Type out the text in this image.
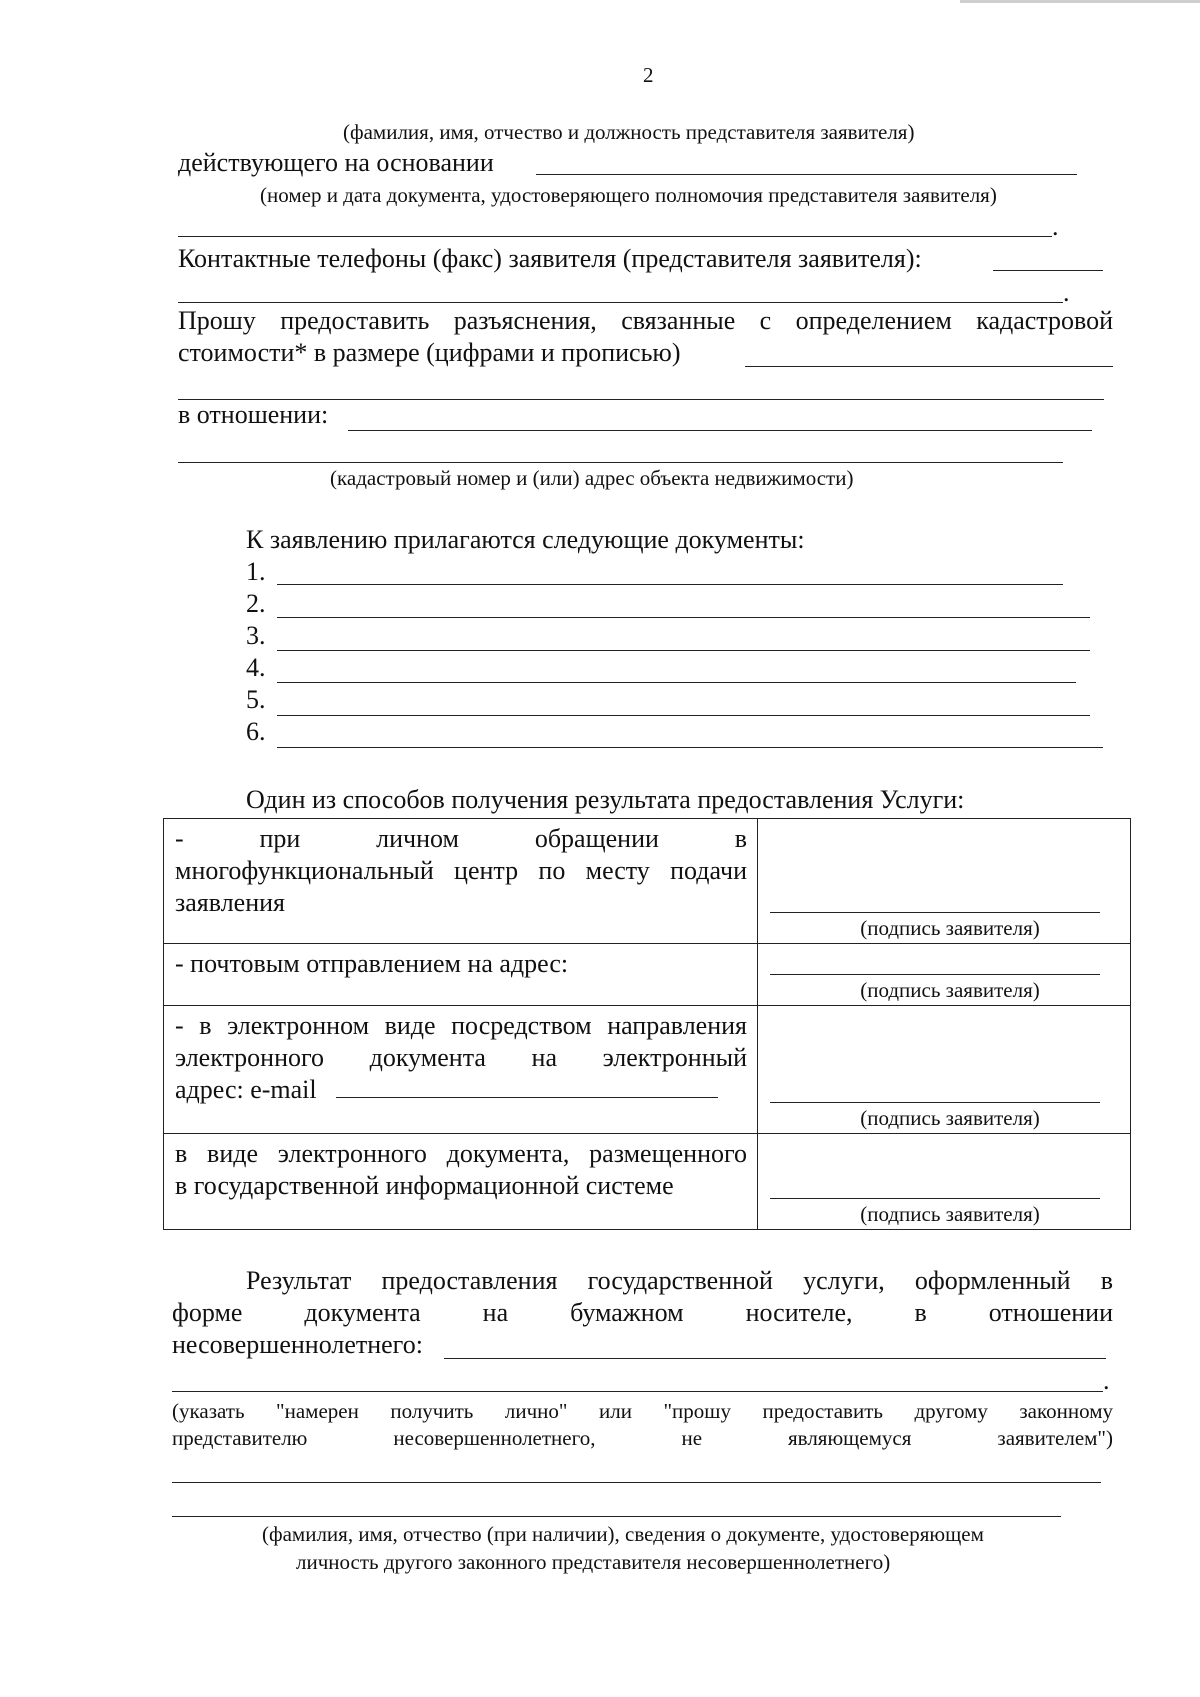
2
(фамилия, имя, отчество и должность представителя заявителя)
действующего на основании
(номер и дата документа, удостоверяющего полномочия представителя заявителя)
.
Контактные телефоны (факс) заявителя (представителя заявителя):
.
Прошу предоставить разъяснения, связанные с определением кадастровой
стоимости* в размере (цифрами и прописью)
в отношении:
(кадастровый номер и (или) адрес объекта недвижимости)
К заявлению прилагаются следующие документы:
1.
2.
3.
4.
5.
6.
Один из способов получения результата предоставления Услуги:
- при личном обращении в
многофункциональный центр по месту подачи
заявления	(подпись заявителя)

- почтовым отправлением на адрес:	(подпись заявителя)

- в электронном виде посредством направления
электронного документа на электронный
адрес: e-mail	(подпись заявителя)

в виде электронного документа, размещенного
в государственной информационной системе	(подпись заявителя)
Результат предоставления государственной услуги, оформленный в
форме документа на бумажном носителе, в отношении
несовершеннолетнего:
.
(указать "намерен получить лично" или "прошу предоставить другому законному
представителю несовершеннолетнего, не являющемуся заявителем")
(фамилия, имя, отчество (при наличии), сведения о документе, удостоверяющем
личность другого законного представителя несовершеннолетнего)
